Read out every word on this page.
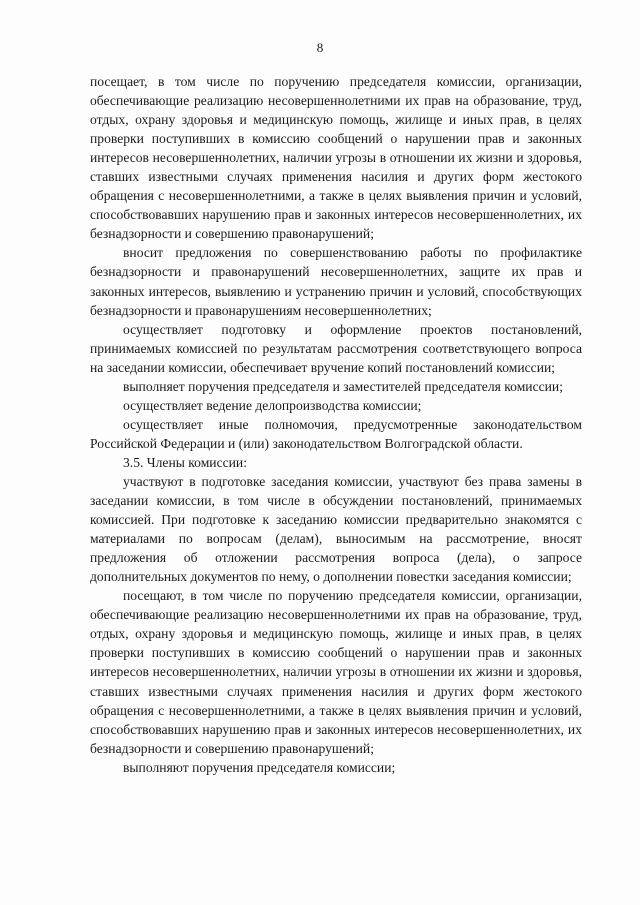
8

посещает, в том числе по поручению председателя комиссии, организации, обеспечивающие реализацию несовершеннолетними их прав на образование, труд, отдых, охрану здоровья и медицинскую помощь, жилище и иных прав, в целях проверки поступивших в комиссию сообщений о нарушении прав и законных интересов несовершеннолетних, наличии угрозы в отношении их жизни и здоровья, ставших известными случаях применения насилия и других форм жестокого обращения с несовершеннолетними, а также в целях выявления причин и условий, способствовавших нарушению прав и законных интересов несовершеннолетних, их безнадзорности и совершению правонарушений;

вносит предложения по совершенствованию работы по профилактике безнадзорности и правонарушений несовершеннолетних, защите их прав и законных интересов, выявлению и устранению причин и условий, способствующих безнадзорности и правонарушениям несовершеннолетних;

осуществляет подготовку и оформление проектов постановлений, принимаемых комиссией по результатам рассмотрения соответствующего вопроса на заседании комиссии, обеспечивает вручение копий постановлений комиссии;

выполняет поручения председателя и заместителей председателя комиссии;

осуществляет ведение делопроизводства комиссии;

осуществляет иные полномочия, предусмотренные законодательством Российской Федерации и (или) законодательством Волгоградской области.

3.5. Члены комиссии:

участвуют в подготовке заседания комиссии, участвуют без права замены в заседании комиссии, в том числе в обсуждении постановлений, принимаемых комиссией. При подготовке к заседанию комиссии предварительно знакомятся с материалами по вопросам (делам), выносимым на рассмотрение, вносят предложения об отложении рассмотрения вопроса (дела), о запросе дополнительных документов по нему, о дополнении повестки заседания комиссии;

посещают, в том числе по поручению председателя комиссии, организации, обеспечивающие реализацию несовершеннолетними их прав на образование, труд, отдых, охрану здоровья и медицинскую помощь, жилище и иных прав, в целях проверки поступивших в комиссию сообщений о нарушении прав и законных интересов несовершеннолетних, наличии угрозы в отношении их жизни и здоровья, ставших известными случаях применения насилия и других форм жестокого обращения с несовершеннолетними, а также в целях выявления причин и условий, способствовавших нарушению прав и законных интересов несовершеннолетних, их безнадзорности и совершению правонарушений;

выполняют поручения председателя комиссии;
